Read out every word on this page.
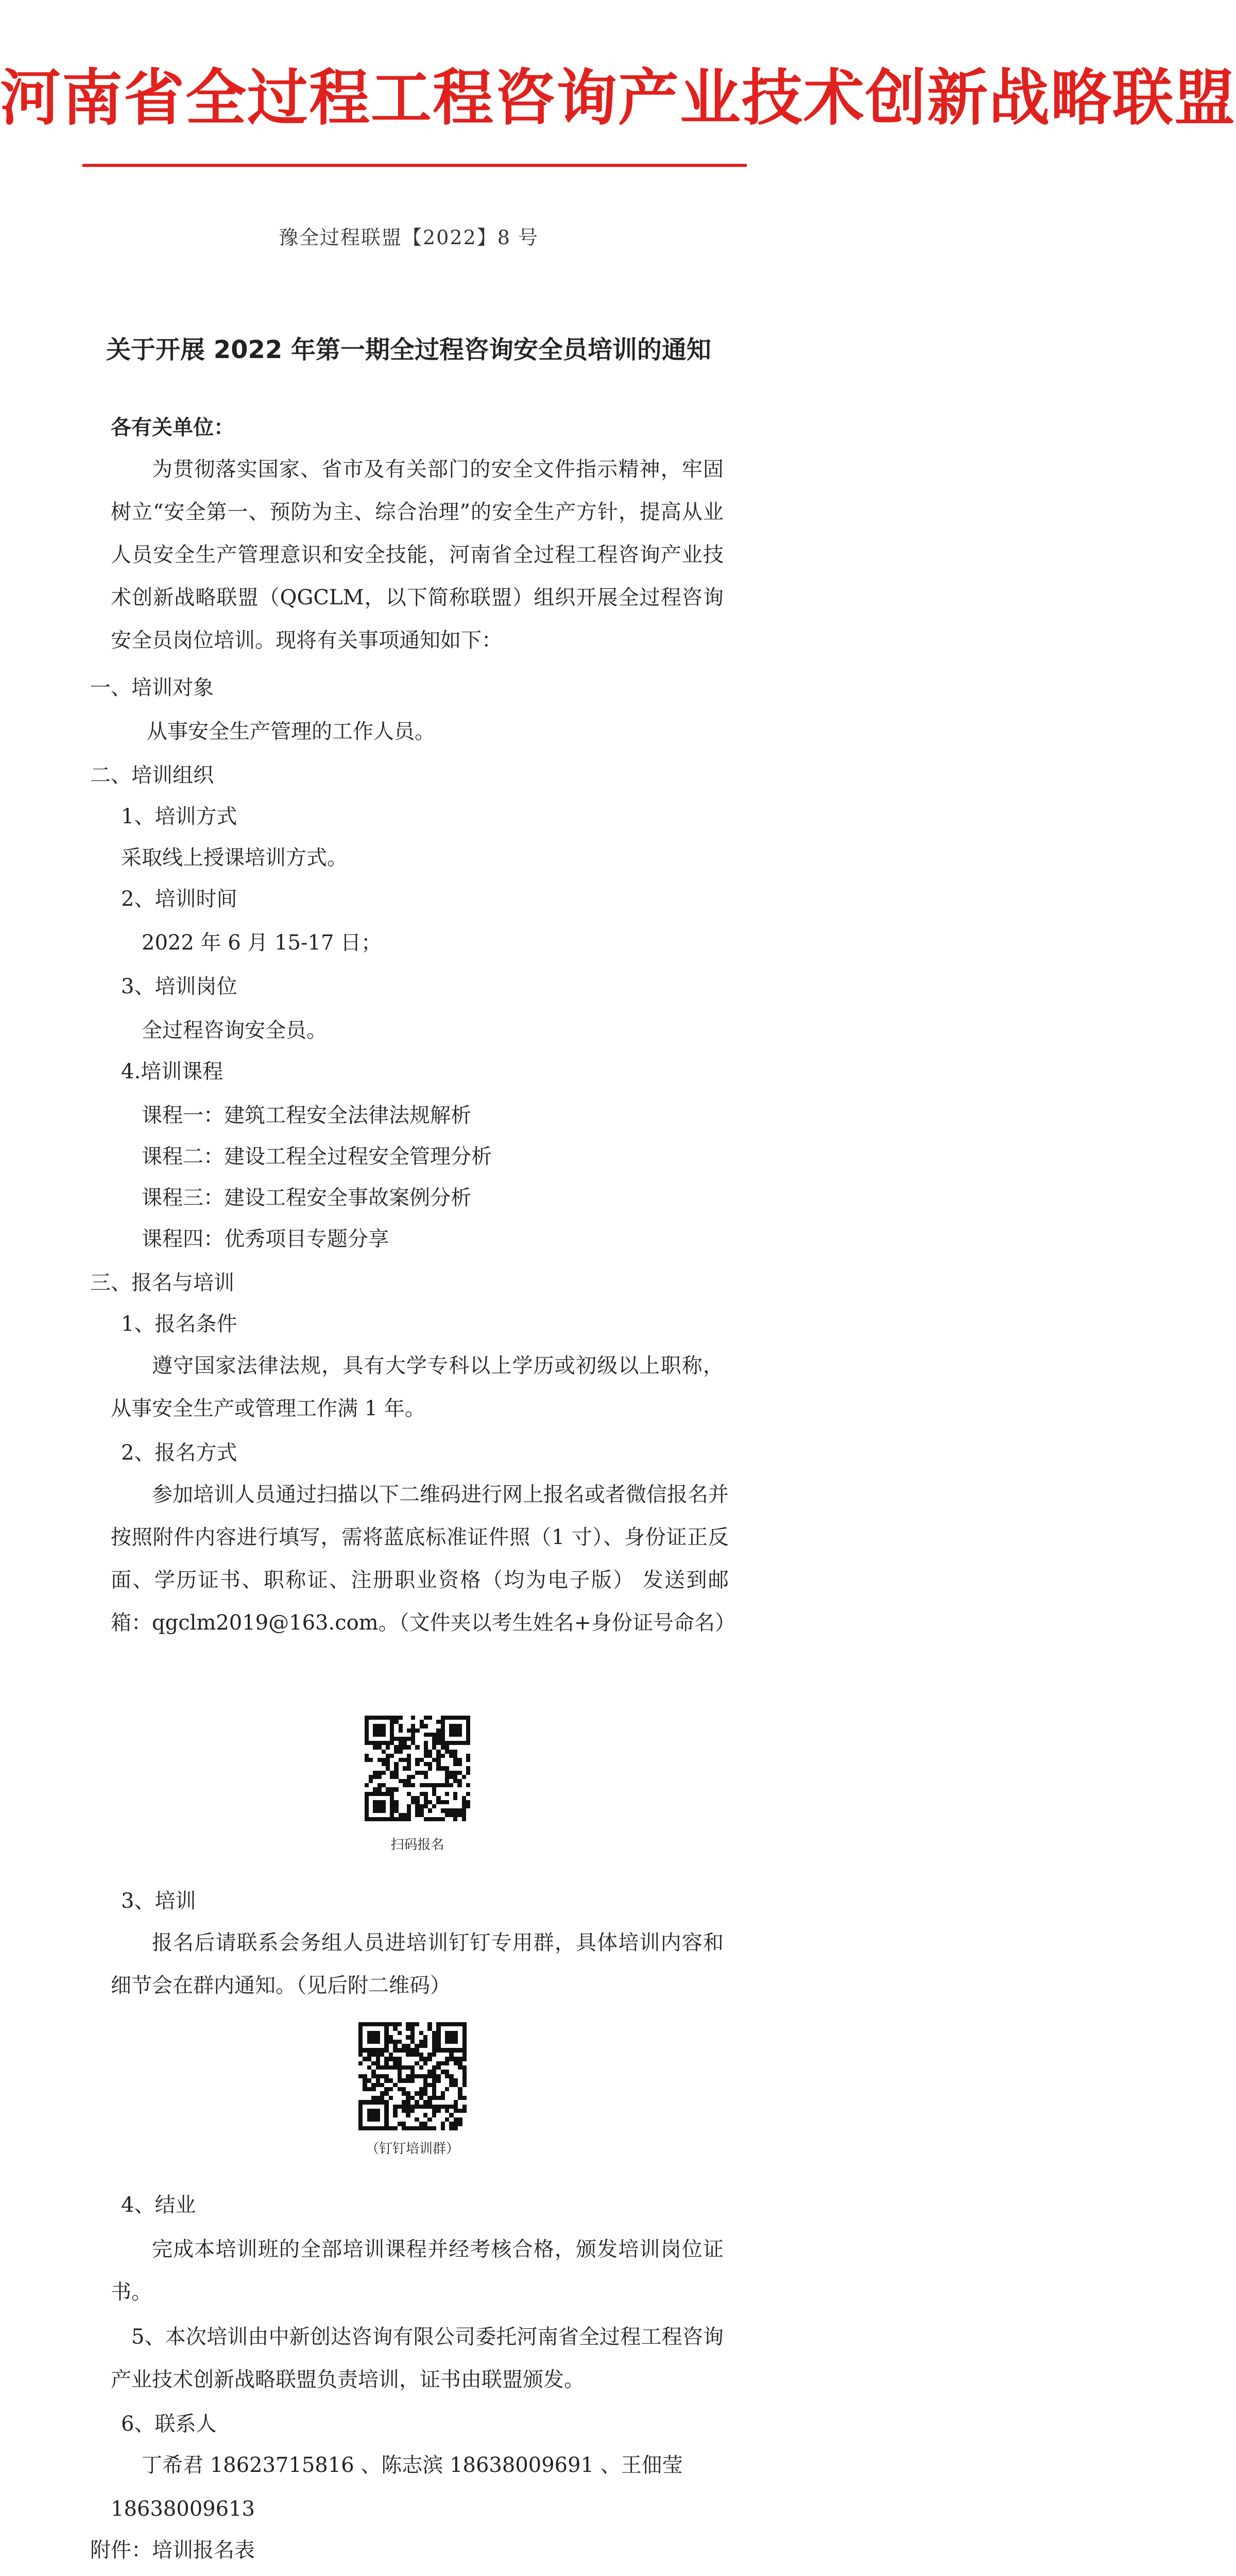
河南省全过程工程咨询产业技术创新战略联盟
豫全过程联盟【2022】8 号
关于开展 2022 年第一期全过程咨询安全员培训的通知
各有关单位：
为贯彻落实国家、省市及有关部门的安全文件指示精神，牢固树立“安全第一、预防为主、综合治理”的安全生产方针，提高从业人员安全生产管理意识和安全技能，河南省全过程工程咨询产业技术创新战略联盟（QGCLM，以下简称联盟）组织开展全过程咨询安全员岗位培训。现将有关事项通知如下：
一、培训对象
从事安全生产管理的工作人员。
二、培训组织
1、培训方式
采取线上授课培训方式。
2、培训时间
2022 年 6 月 15-17 日；
3、培训岗位
全过程咨询安全员。
4.培训课程
课程一：建筑工程安全法律法规解析
课程二：建设工程全过程安全管理分析
课程三：建设工程安全事故案例分析
课程四：优秀项目专题分享
三、报名与培训
1、报名条件
遵守国家法律法规，具有大学专科以上学历或初级以上职称，从事安全生产或管理工作满 1 年。
2、报名方式
参加培训人员通过扫描以下二维码进行网上报名或者微信报名并按照附件内容进行填写，需将蓝底标准证件照（1 寸）、身份证正反面、学历证书、职称证、注册职业资格（均为电子版） 发送到邮箱：qgclm2019@163.com。（文件夹以考生姓名+身份证号命名）
扫码报名
3、培训
报名后请联系会务组人员进培训钉钉专用群，具体培训内容和细节会在群内通知。（见后附二维码）
（钉钉培训群）
4、结业
完成本培训班的全部培训课程并经考核合格，颁发培训岗位证书。
5、本次培训由中新创达咨询有限公司委托河南省全过程工程咨询产业技术创新战略联盟负责培训，证书由联盟颁发。
6、联系人
丁希君 18623715816 、陈志滨 18638009691 、王佃莹
18638009613
附件：培训报名表
